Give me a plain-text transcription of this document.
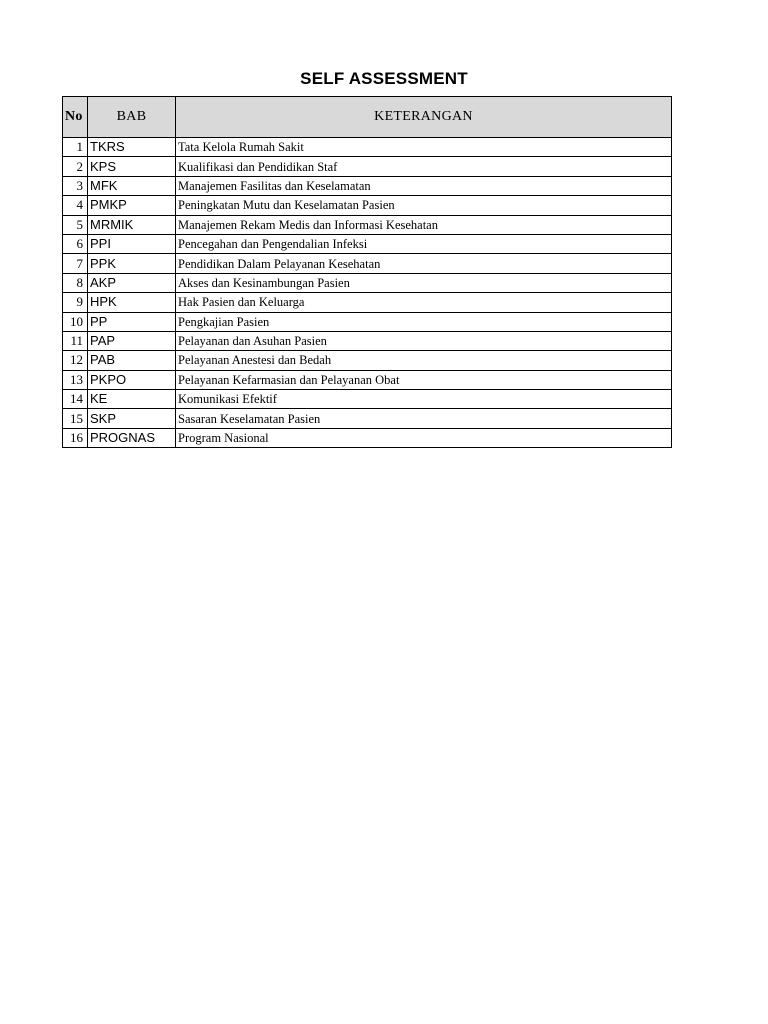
SELF ASSESSMENT
No	BAB	KETERANGAN
1	TKRS	Tata Kelola Rumah Sakit
2	KPS	Kualifikasi dan Pendidikan Staf
3	MFK	Manajemen Fasilitas dan Keselamatan
4	PMKP	Peningkatan Mutu dan Keselamatan Pasien
5	MRMIK	Manajemen Rekam Medis dan Informasi Kesehatan
6	PPI	Pencegahan dan Pengendalian Infeksi
7	PPK	Pendidikan Dalam Pelayanan Kesehatan
8	AKP	Akses dan Kesinambungan Pasien
9	HPK	Hak Pasien dan Keluarga
10	PP	Pengkajian Pasien
11	PAP	Pelayanan dan Asuhan Pasien
12	PAB	Pelayanan Anestesi dan Bedah
13	PKPO	Pelayanan Kefarmasian dan Pelayanan Obat
14	KE	Komunikasi Efektif
15	SKP	Sasaran Keselamatan Pasien
16	PROGNAS	Program Nasional
